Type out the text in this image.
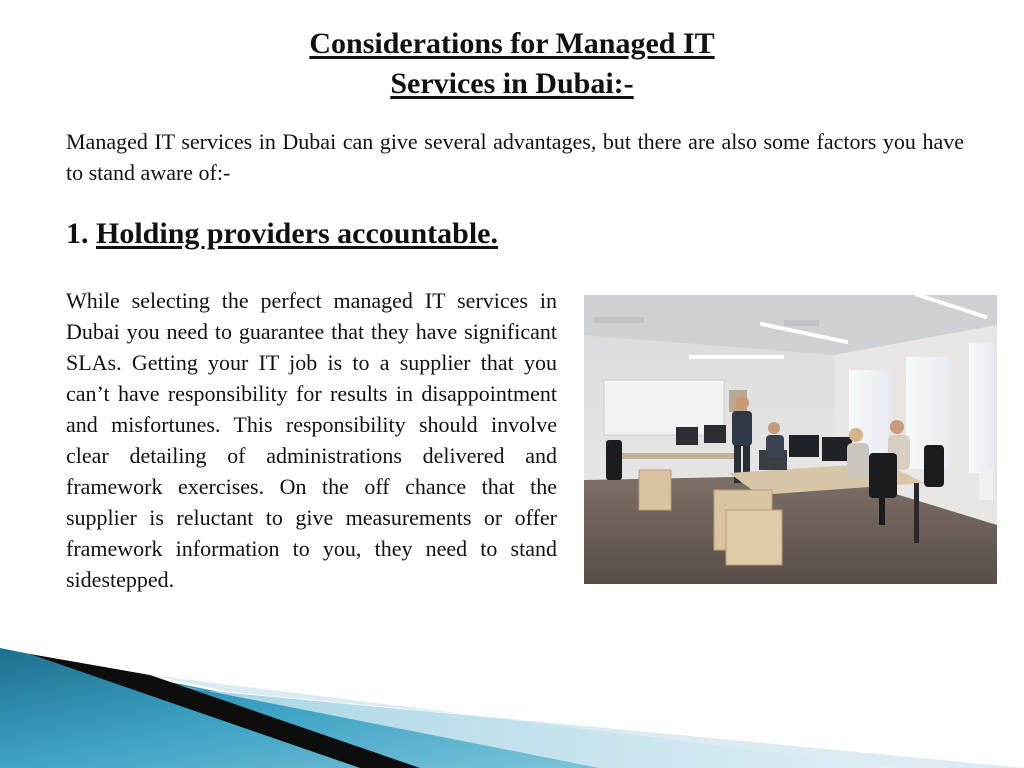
Considerations for Managed IT
Services in Dubai:-

Managed IT services in Dubai can give several advantages, but there are also some factors you have to stand aware of:-

1. Holding providers accountable.

While selecting the perfect managed IT services in Dubai you need to guarantee that they have significant SLAs. Getting your IT job is to a supplier that you can’t have responsibility for results in disappointment and misfortunes. This responsibility should involve clear detailing of administrations delivered and framework exercises. On the off chance that the supplier is reluctant to give measurements or offer framework information to you, they need to stand sidestepped.
